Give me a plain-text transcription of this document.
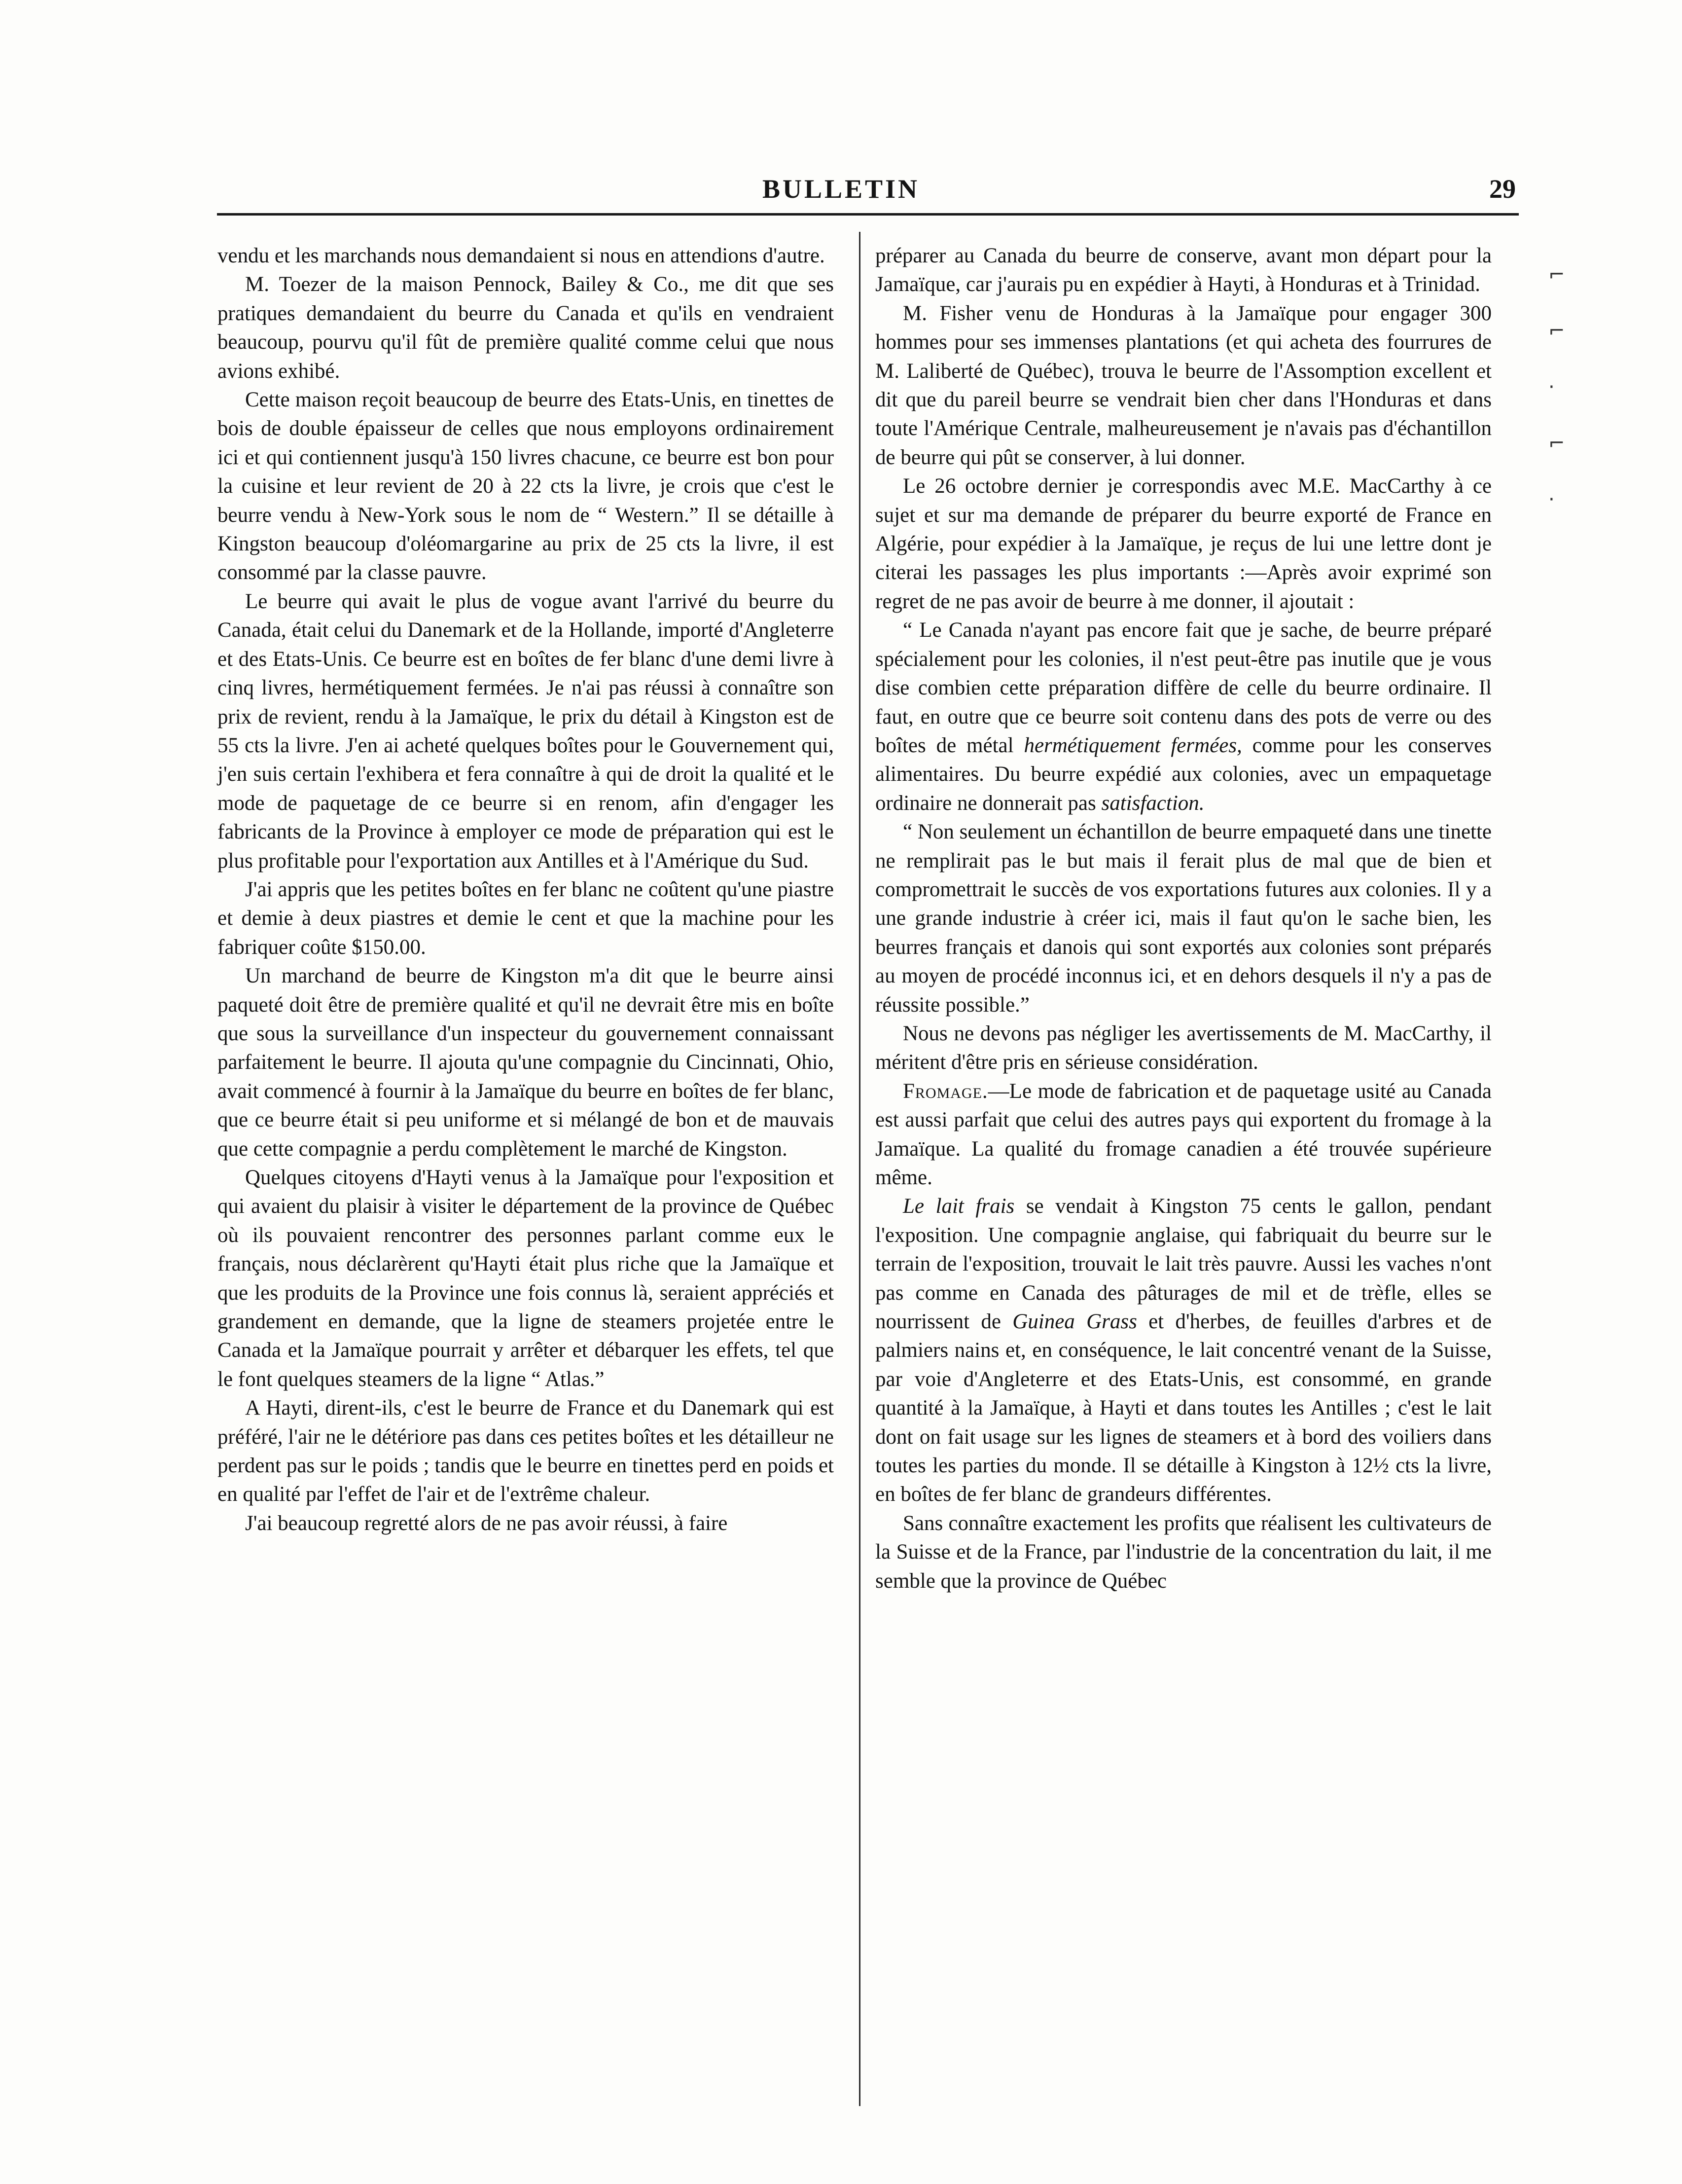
BULLETIN	29

vendu et les marchands nous demandaient si nous en attendions d'autre.

M. Toezer de la maison Pennock, Bailey & Co., me dit que ses pratiques demandaient du beurre du Canada et qu'ils en vendraient beaucoup, pourvu qu'il fût de première qualité comme celui que nous avions exhibé.

Cette maison reçoit beaucoup de beurre des Etats-Unis, en tinettes de bois de double épaisseur de celles que nous employons ordinairement ici et qui contiennent jusqu'à 150 livres chacune, ce beurre est bon pour la cuisine et leur revient de 20 à 22 cts la livre, je crois que c'est le beurre vendu à New-York sous le nom de “ Western.” Il se détaille à Kingston beaucoup d'oléomargarine au prix de 25 cts la livre, il est consommé par la classe pauvre.

Le beurre qui avait le plus de vogue avant l'arrivé du beurre du Canada, était celui du Danemark et de la Hollande, importé d'Angleterre et des Etats-Unis. Ce beurre est en boîtes de fer blanc d'une demi livre à cinq livres, hermétiquement fermées. Je n'ai pas réussi à connaître son prix de revient, rendu à la Jamaïque, le prix du détail à Kingston est de 55 cts la livre. J'en ai acheté quelques boîtes pour le Gouvernement qui, j'en suis certain l'exhibera et fera connaître à qui de droit la qualité et le mode de paquetage de ce beurre si en renom, afin d'engager les fabricants de la Province à employer ce mode de préparation qui est le plus profitable pour l'exportation aux Antilles et à l'Amérique du Sud.

J'ai appris que les petites boîtes en fer blanc ne coûtent qu'une piastre et demie à deux piastres et demie le cent et que la machine pour les fabriquer coûte $150.00.

Un marchand de beurre de Kingston m'a dit que le beurre ainsi paqueté doit être de première qualité et qu'il ne devrait être mis en boîte que sous la surveillance d'un inspecteur du gouvernement connaissant parfaitement le beurre. Il ajouta qu'une compagnie du Cincinnati, Ohio, avait commencé à fournir à la Jamaïque du beurre en boîtes de fer blanc, que ce beurre était si peu uniforme et si mélangé de bon et de mauvais que cette compagnie a perdu complètement le marché de Kingston.

Quelques citoyens d'Hayti venus à la Jamaïque pour l'exposition et qui avaient du plaisir à visiter le département de la province de Québec où ils pouvaient rencontrer des personnes parlant comme eux le français, nous déclarèrent qu'Hayti était plus riche que la Jamaïque et que les produits de la Province une fois connus là, seraient appréciés et grandement en demande, que la ligne de steamers projetée entre le Canada et la Jamaïque pourrait y arrêter et débarquer les effets, tel que le font quelques steamers de la ligne “ Atlas.”

A Hayti, dirent-ils, c'est le beurre de France et du Danemark qui est préféré, l'air ne le détériore pas dans ces petites boîtes et les détailleur ne perdent pas sur le poids ; tandis que le beurre en tinettes perd en poids et en qualité par l'effet de l'air et de l'extrême chaleur.

J'ai beaucoup regretté alors de ne pas avoir réussi, à faire

préparer au Canada du beurre de conserve, avant mon départ pour la Jamaïque, car j'aurais pu en expédier à Hayti, à Honduras et à Trinidad.

M. Fisher venu de Honduras à la Jamaïque pour engager 300 hommes pour ses immenses plantations (et qui acheta des fourrures de M. Laliberté de Québec), trouva le beurre de l'Assomption excellent et dit que du pareil beurre se vendrait bien cher dans l'Honduras et dans toute l'Amérique Centrale, malheureusement je n'avais pas d'échantillon de beurre qui pût se conserver, à lui donner.

Le 26 octobre dernier je correspondis avec M.E. MacCarthy à ce sujet et sur ma demande de préparer du beurre exporté de France en Algérie, pour expédier à la Jamaïque, je reçus de lui une lettre dont je citerai les passages les plus importants :—Après avoir exprimé son regret de ne pas avoir de beurre à me donner, il ajoutait :

“ Le Canada n'ayant pas encore fait que je sache, de beurre préparé spécialement pour les colonies, il n'est peut-être pas inutile que je vous dise combien cette préparation diffère de celle du beurre ordinaire. Il faut, en outre que ce beurre soit contenu dans des pots de verre ou des boîtes de métal hermétiquement fermées, comme pour les conserves alimentaires. Du beurre expédié aux colonies, avec un empaquetage ordinaire ne donnerait pas satisfaction.

“ Non seulement un échantillon de beurre empaqueté dans une tinette ne remplirait pas le but mais il ferait plus de mal que de bien et compromettrait le succès de vos exportations futures aux colonies. Il y a une grande industrie à créer ici, mais il faut qu'on le sache bien, les beurres français et danois qui sont exportés aux colonies sont préparés au moyen de procédé inconnus ici, et en dehors desquels il n'y a pas de réussite possible.”

Nous ne devons pas négliger les avertissements de M. MacCarthy, il méritent d'être pris en sérieuse considération.

Fromage.—Le mode de fabrication et de paquetage usité au Canada est aussi parfait que celui des autres pays qui exportent du fromage à la Jamaïque. La qualité du fromage canadien a été trouvée supérieure même.

Le lait frais se vendait à Kingston 75 cents le gallon, pendant l'exposition. Une compagnie anglaise, qui fabriquait du beurre sur le terrain de l'exposition, trouvait le lait très pauvre. Aussi les vaches n'ont pas comme en Canada des pâturages de mil et de trèfle, elles se nourrissent de Guinea Grass et d'herbes, de feuilles d'arbres et de palmiers nains et, en conséquence, le lait concentré venant de la Suisse, par voie d'Angleterre et des Etats-Unis, est consommé, en grande quantité à la Jamaïque, à Hayti et dans toutes les Antilles ; c'est le lait dont on fait usage sur les lignes de steamers et à bord des voiliers dans toutes les parties du monde. Il se détaille à Kingston à 12½ cts la livre, en boîtes de fer blanc de grandeurs différentes.

Sans connaître exactement les profits que réalisent les cultivateurs de la Suisse et de la France, par l'industrie de la concentration du lait, il me semble que la province de Québec

⌐
⌐
·
⌐
·
